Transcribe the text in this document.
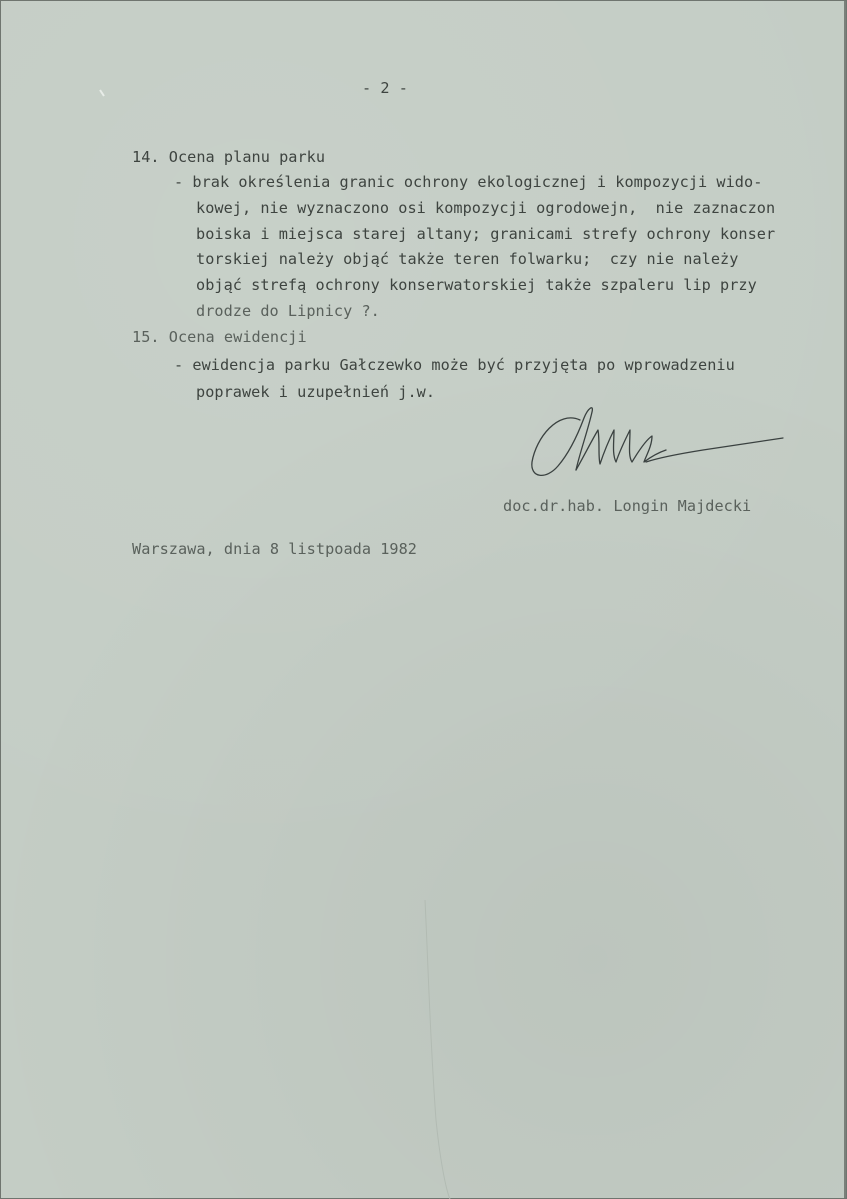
- 2 -
14. Ocena planu parku
- brak określenia granic ochrony ekologicznej i kompozycji wido-
kowej, nie wyznaczono osi kompozycji ogrodowejn,  nie zaznaczon
boiska i miejsca starej altany; granicami strefy ochrony konser
torskiej należy objąć także teren folwarku;  czy nie należy
objąć strefą ochrony konserwatorskiej także szpaleru lip przy
drodze do Lipnicy ?.
15. Ocena ewidencji
- ewidencja parku Gałczewko może być przyjęta po wprowadzeniu
poprawek i uzupełnień j.w.
doc.dr.hab. Longin Majdecki
Warszawa, dnia 8 listpoada 1982
